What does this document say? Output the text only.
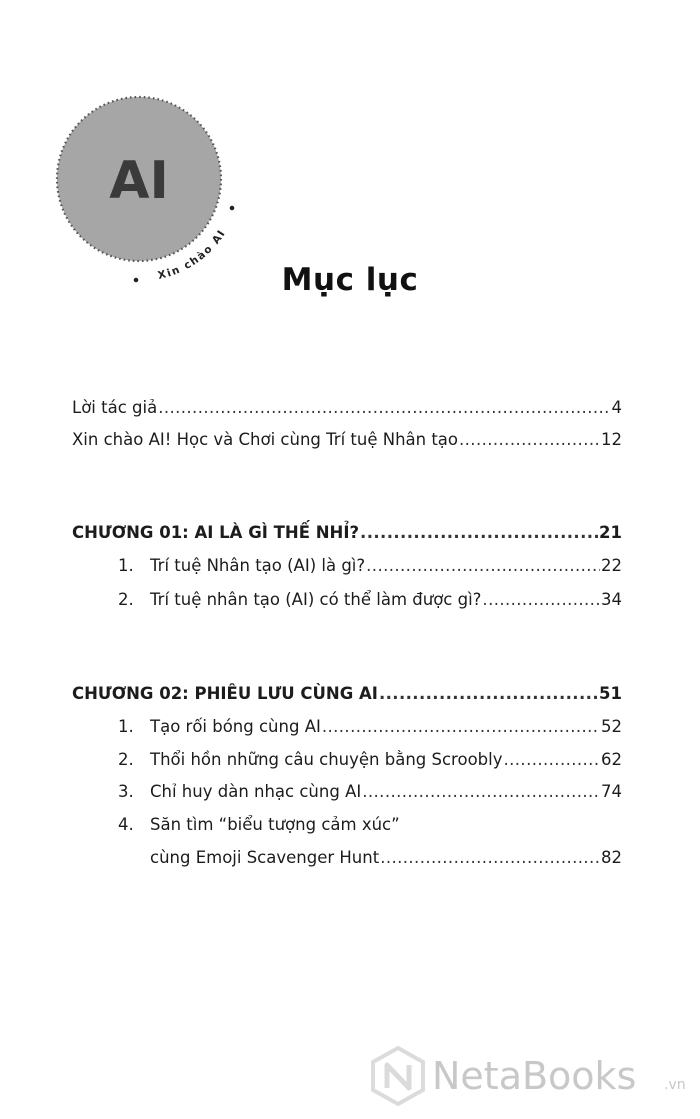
AI
Xin chào AI
Mục lục
Lời tác giả .....	4
Xin chào AI! Học và Chơi cùng Trí tuệ Nhân tạo .....	12
CHƯƠNG 01: AI LÀ GÌ THẾ NHỈ? .....	21
1. Trí tuệ Nhân tạo (AI) là gì? .....	22
2. Trí tuệ nhân tạo (AI) có thể làm được gì? .....	34
CHƯƠNG 02: PHIÊU LƯU CÙNG AI .....	51
1. Tạo rối bóng cùng AI .....	52
2. Thổi hồn những câu chuyện bằng Scroobly .....	62
3. Chỉ huy dàn nhạc cùng AI .....	74
4. Săn tìm “biểu tượng cảm xúc”
cùng Emoji Scavenger Hunt .....	82
NetaBooks .vn
